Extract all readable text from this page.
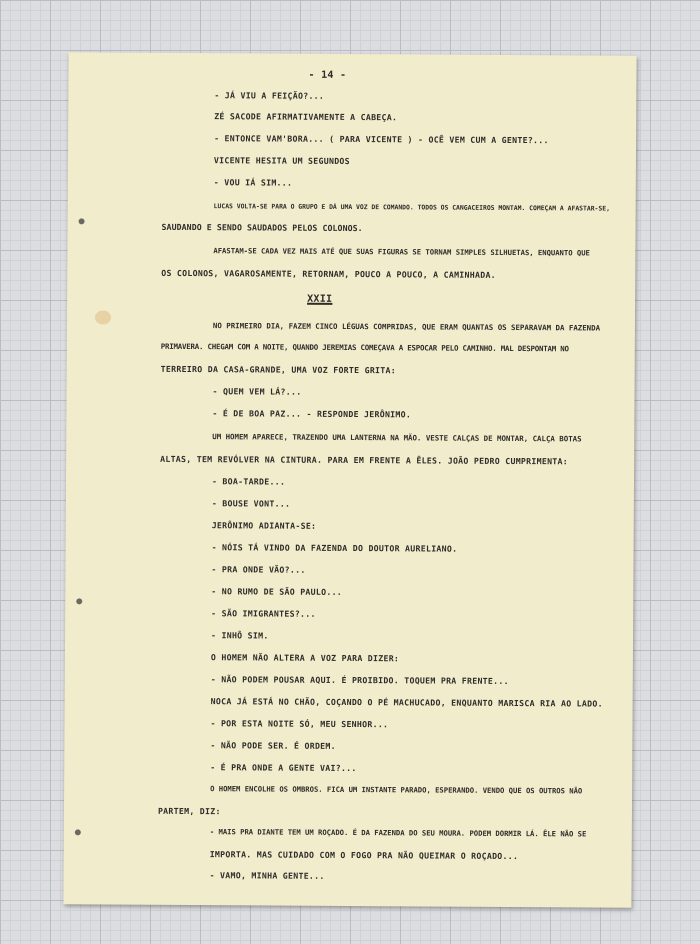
- 14 -

- JÁ VIU A FEIÇÃO?...

ZÉ SACODE AFIRMATIVAMENTE A CABEÇA.

- ENTONCE VAM'BORA... ( PARA VICENTE ) - OCÊ VEM CUM A GENTE?...

VICENTE HESITA UM SEGUNDOS

- VOU IÁ SIM...

LUCAS VOLTA-SE PARA O GRUPO E DÁ UMA VOZ DE COMANDO. TODOS OS CANGACEIROS MONTAM. COMEÇAM A AFASTAR-SE,

SAUDANDO E SENDO SAUDADOS PELOS COLONOS.

AFASTAM-SE CADA VEZ MAIS ATÉ QUE SUAS FIGURAS SE TORNAM SIMPLES SILHUETAS, ENQUANTO QUE

OS COLONOS, VAGAROSAMENTE, RETORNAM, POUCO A POUCO, A CAMINHADA.

XXII

NO PRIMEIRO DIA, FAZEM CINCO LÉGUAS COMPRIDAS, QUE ERAM QUANTAS OS SEPARAVAM DA FAZENDA

PRIMAVERA. CHEGAM COM A NOITE, QUANDO JEREMIAS COMEÇAVA A ESPOCAR PELO CAMINHO. MAL DESPONTAM NO

TERREIRO DA CASA-GRANDE, UMA VOZ FORTE GRITA:

- QUEM VEM LÁ?...

- É DE BOA PAZ... - RESPONDE JERÔNIMO.

UM HOMEM APARECE, TRAZENDO UMA LANTERNA NA MÃO. VESTE CALÇAS DE MONTAR, CALÇA BOTAS

ALTAS, TEM REVÓLVER NA CINTURA. PARA EM FRENTE A ÊLES. JOÃO PEDRO CUMPRIMENTA:

- BOA-TARDE...

- BOUSE VONT...

JERÔNIMO ADIANTA-SE:

- NÓIS TÁ VINDO DA FAZENDA DO DOUTOR AURELIANO.

- PRA ONDE VÃO?...

- NO RUMO DE SÃO PAULO...

- SÃO IMIGRANTES?...

- INHÔ SIM.

O HOMEM NÃO ALTERA A VOZ PARA DIZER:

- NÃO PODEM POUSAR AQUI. É PROIBIDO. TOQUEM PRA FRENTE...

NOCA JÁ ESTÁ NO CHÃO, COÇANDO O PÉ MACHUCADO, ENQUANTO MARISCA RIA AO LADO.

- POR ESTA NOITE SÓ, MEU SENHOR...

- NÃO PODE SER. É ORDEM.

- É PRA ONDE A GENTE VAI?...

O HOMEM ENCOLHE OS OMBROS. FICA UM INSTANTE PARADO, ESPERANDO. VENDO QUE OS OUTROS NÃO

PARTEM, DIZ:

- MAIS PRA DIANTE TEM UM ROÇADO. É DA FAZENDA DO SEU MOURA. PODEM DORMIR LÁ. ÊLE NÃO SE

IMPORTA. MAS CUIDADO COM O FOGO PRA NÃO QUEIMAR O ROÇADO...

- VAMO, MINHA GENTE...
